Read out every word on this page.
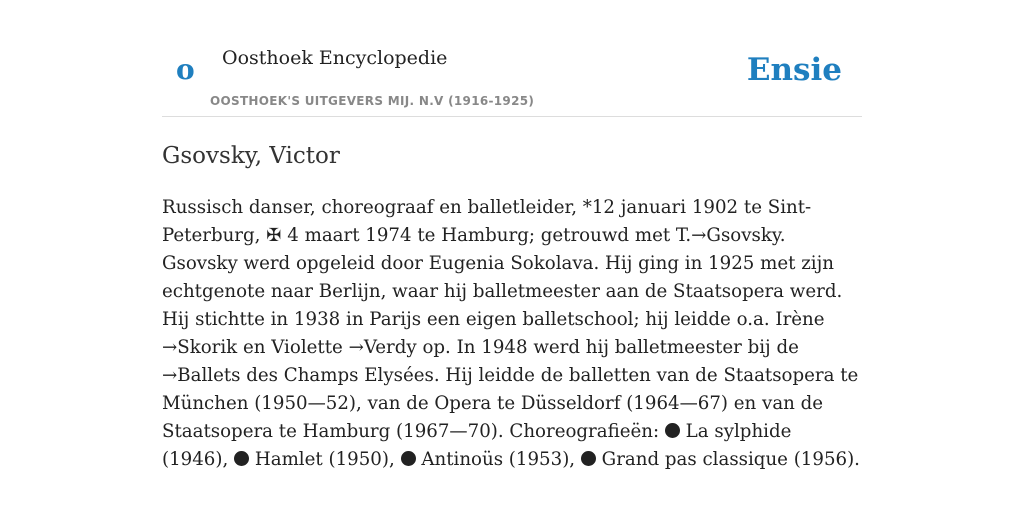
o Oosthoek Encyclopedie
OOSTHOEK'S UITGEVERS MIJ. N.V (1916-1925)
Ensie
Gsovsky, Victor
Russisch danser, choreograaf en balletleider, *12 januari 1902 te Sint-Peterburg, ✠ 4 maart 1974 te Hamburg; getrouwd met T.→Gsovsky. Gsovsky werd opgeleid door Eugenia Sokolava. Hij ging in 1925 met zijn echtgenote naar Berlijn, waar hij balletmeester aan de Staatsopera werd. Hij stichtte in 1938 in Parijs een eigen balletschool; hij leidde o.a. Irène →Skorik en Violette →Verdy op. In 1948 werd hij balletmeester bij de →Ballets des Champs Elysées. Hij leidde de balletten van de Staatsopera te München (1950—52), van de Opera te Düsseldorf (1964—67) en van de Staatsopera te Hamburg (1967—70). Choreografieën:  La sylphide (1946), Hamlet (1950), Antinoüs (1953), Grand pas classique (1956).
